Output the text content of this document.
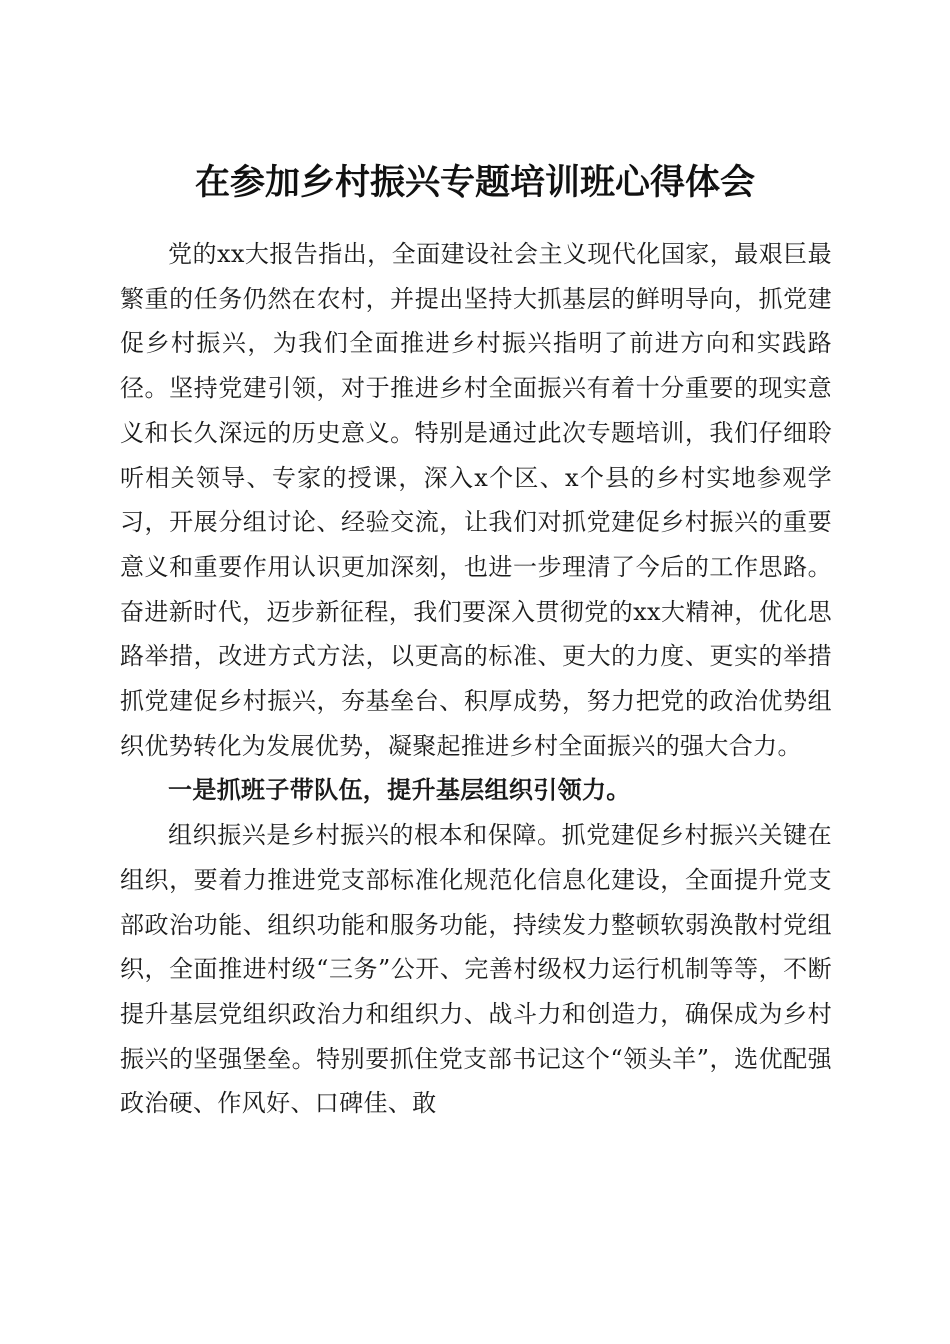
在参加乡村振兴专题培训班心得体会

党的xx大报告指出，全面建设社会主义现代化国家，最艰巨最繁重的任务仍然在农村，并提出坚持大抓基层的鲜明导向，抓党建促乡村振兴，为我们全面推进乡村振兴指明了前进方向和实践路径。坚持党建引领，对于推进乡村全面振兴有着十分重要的现实意义和长久深远的历史意义。特别是通过此次专题培训，我们仔细聆听相关领导、专家的授课，深入x个区、x个县的乡村实地参观学习，开展分组讨论、经验交流，让我们对抓党建促乡村振兴的重要意义和重要作用认识更加深刻，也进一步理清了今后的工作思路。奋进新时代，迈步新征程，我们要深入贯彻党的xx大精神，优化思路举措，改进方式方法，以更高的标准、更大的力度、更实的举措抓党建促乡村振兴，夯基垒台、积厚成势，努力把党的政治优势组织优势转化为发展优势，凝聚起推进乡村全面振兴的强大合力。

一是抓班子带队伍，提升基层组织引领力。

组织振兴是乡村振兴的根本和保障。抓党建促乡村振兴关键在组织，要着力推进党支部标准化规范化信息化建设，全面提升党支部政治功能、组织功能和服务功能，持续发力整顿软弱涣散村党组织，全面推进村级“三务”公开、完善村级权力运行机制等等，不断提升基层党组织政治力和组织力、战斗力和创造力，确保成为乡村振兴的坚强堡垒。特别要抓住党支部书记这个“领头羊”，选优配强政治硬、作风好、口碑佳、敢
